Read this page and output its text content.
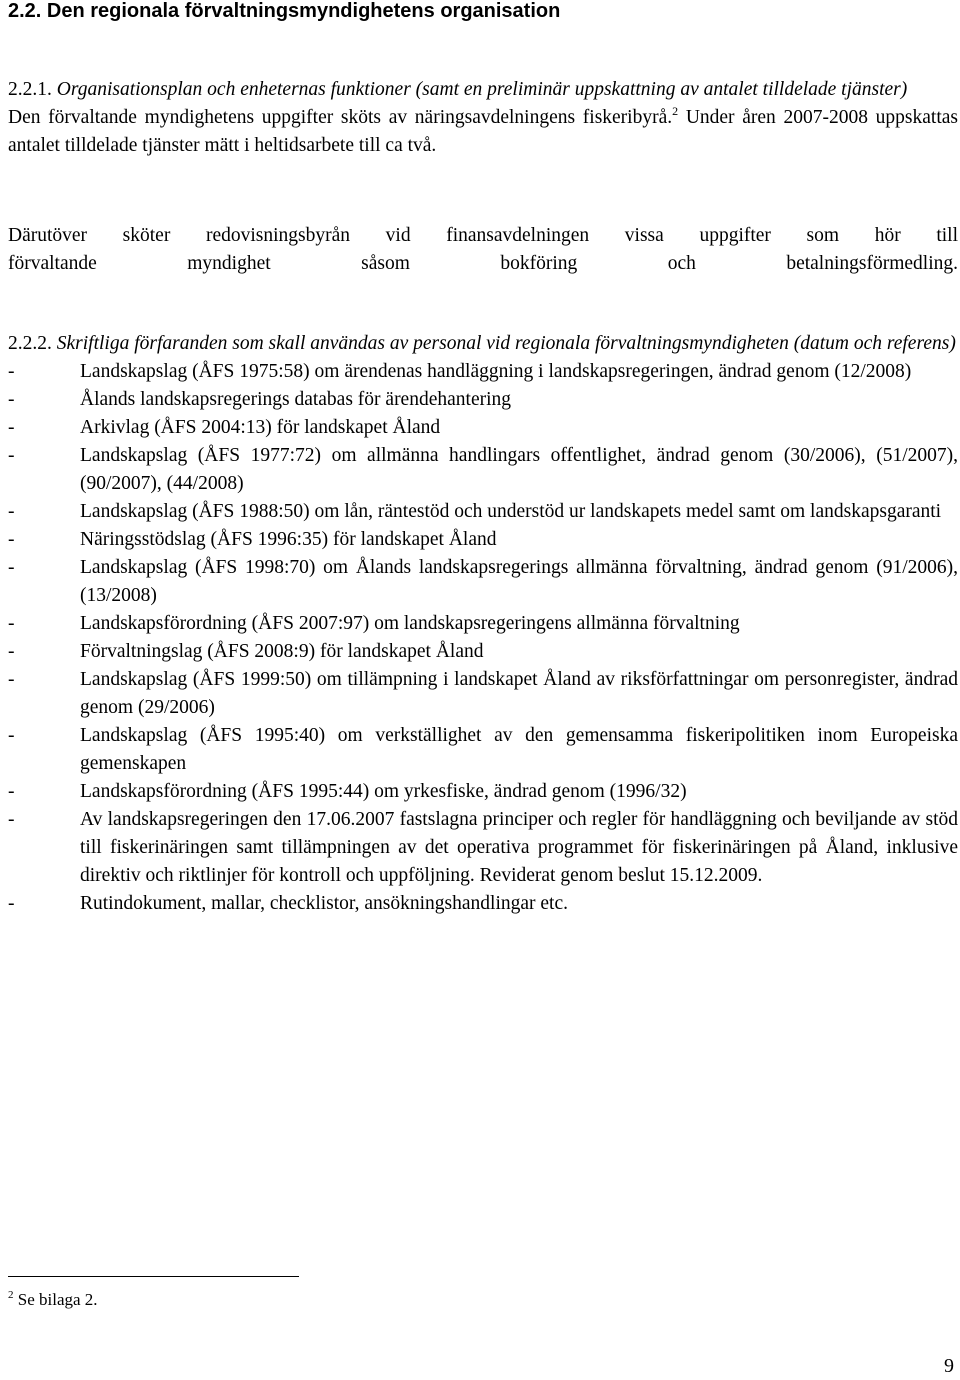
2.2. Den regionala förvaltningsmyndighetens organisation

2.2.1. Organisationsplan och enheternas funktioner (samt en preliminär uppskattning av antalet tilldelade tjänster)

Den förvaltande myndighetens uppgifter sköts av näringsavdelningens fiskeribyrå.$^2$ Under åren 2007-2008 uppskattas antalet tilldelade tjänster mätt i heltidsarbete till ca två.

Därutöver sköter redovisningsbyrån vid finansavdelningen vissa uppgifter som hör till

förvaltande myndighet såsom bokföring och betalningsförmedling.

2.2.2. Skriftliga förfaranden som skall användas av personal vid regionala förvaltningsmyndigheten (datum och referens)

-	Landskapslag (ÅFS 1975:58) om ärendenas handläggning i landskapsregeringen, ändrad genom (12/2008)
-	Ålands landskapsregerings databas för ärendehantering
-	Arkivlag (ÅFS 2004:13) för landskapet Åland
-	Landskapslag (ÅFS 1977:72) om allmänna handlingars offentlighet, ändrad genom (30/2006), (51/2007), (90/2007), (44/2008)
-	Landskapslag (ÅFS 1988:50) om lån, räntestöd och understöd ur landskapets medel samt om landskapsgaranti
-	Näringsstödslag (ÅFS 1996:35) för landskapet Åland
-	Landskapslag (ÅFS 1998:70) om Ålands landskapsregerings allmänna förvaltning, ändrad genom (91/2006), (13/2008)
-	Landskapsförordning (ÅFS 2007:97) om landskapsregeringens allmänna förvaltning
-	Förvaltningslag (ÅFS 2008:9) för landskapet Åland
-	Landskapslag (ÅFS 1999:50) om tillämpning i landskapet Åland av riksförfattningar om personregister, ändrad genom (29/2006)
-	Landskapslag (ÅFS 1995:40) om verkställighet av den gemensamma fiskeripolitiken inom Europeiska gemenskapen
-	Landskapsförordning (ÅFS 1995:44) om yrkesfiske, ändrad genom (1996/32)
-	Av landskapsregeringen den 17.06.2007 fastslagna principer och regler för handläggning och beviljande av stöd till fiskerinäringen samt tillämpningen av det operativa programmet för fiskerinäringen på Åland, inklusive direktiv och riktlinjer för kontroll och uppföljning. Reviderat genom beslut 15.12.2009.
-	Rutindokument, mallar, checklistor, ansökningshandlingar etc.
$^2$ Se bilaga 2.
9
